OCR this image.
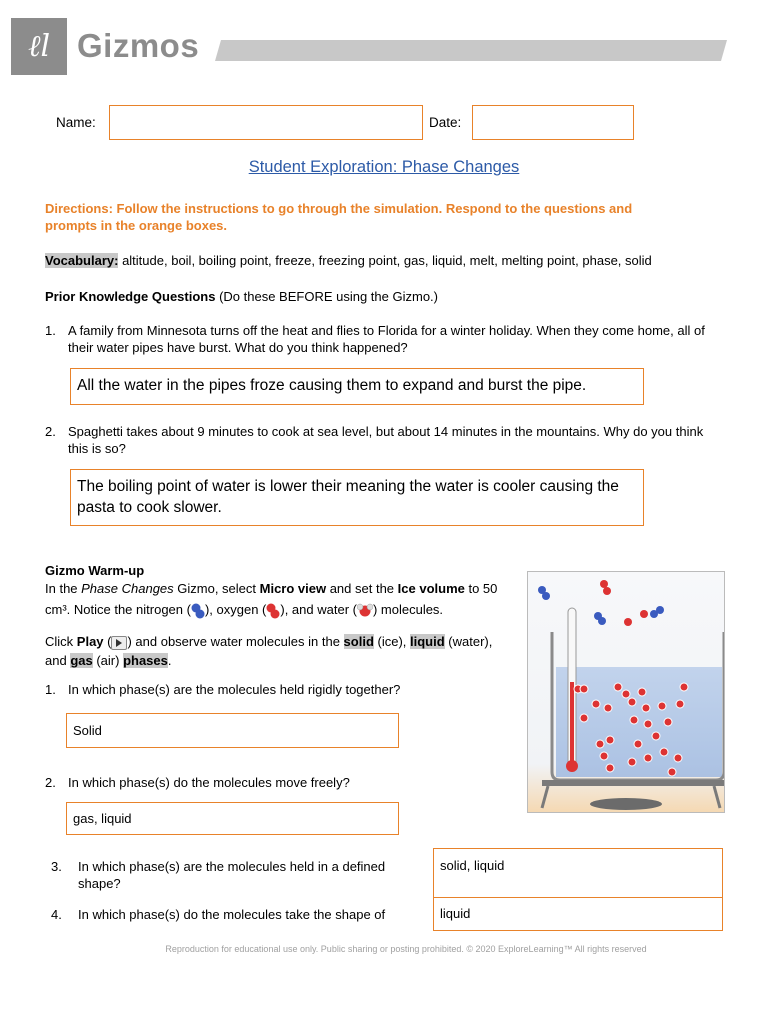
ℓl Gizmos
Name:	Date:
Student Exploration: Phase Changes
Directions: Follow the instructions to go through the simulation. Respond to the questions and prompts in the orange boxes.
Vocabulary: altitude, boil, boiling point, freeze, freezing point, gas, liquid, melt, melting point, phase, solid
Prior Knowledge Questions (Do these BEFORE using the Gizmo.)
1. A family from Minnesota turns off the heat and flies to Florida for a winter holiday. When they come home, all of their water pipes have burst. What do you think happened?
All the water in the pipes froze causing them to expand and burst the pipe.
2. Spaghetti takes about 9 minutes to cook at sea level, but about 14 minutes in the mountains. Why do you think this is so?
The boiling point of water is lower their meaning the water is cooler causing the pasta to cook slower.
Gizmo Warm-up
In the Phase Changes Gizmo, select Micro view and set the Ice volume to 50 cm³. Notice the nitrogen ( ), oxygen ( ), and water ( ) molecules.
Click Play ( ) and observe water molecules in the solid (ice), liquid (water), and gas (air) phases.
1. In which phase(s) are the molecules held rigidly together?
Solid
2. In which phase(s) do the molecules move freely?
gas, liquid
3. In which phase(s) are the molecules held in a defined shape?
solid, liquid
4. In which phase(s) do the molecules take the shape of	liquid
Reproduction for educational use only. Public sharing or posting prohibited. © 2020 ExploreLearning™ All rights reserved
